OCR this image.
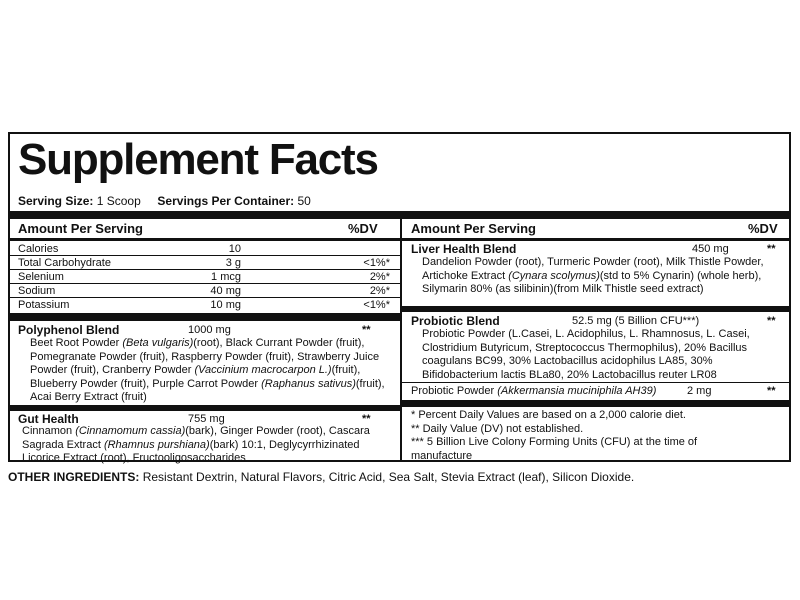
Supplement Facts
Serving Size: 1 Scoop Servings Per Container: 50
Amount Per Serving	%DV
Calories	10
Total Carbohydrate	3 g	<1%*
Selenium	1 mcg	2%*
Sodium	40 mg	2%*
Potassium	10 mg	<1%*
Polyphenol Blend	1000 mg	**
Beet Root Powder (Beta vulgaris)(root), Black Currant Powder (fruit), Pomegranate Powder (fruit), Raspberry Powder (fruit), Strawberry Juice Powder (fruit), Cranberry Powder (Vaccinium macrocarpon L.)(fruit), Blueberry Powder (fruit), Purple Carrot Powder (Raphanus sativus)(fruit), Acai Berry Extract (fruit)
Gut Health	755 mg	**
Cinnamon (Cinnamomum cassia)(bark), Ginger Powder (root), Cascara Sagrada Extract (Rhamnus purshiana)(bark) 10:1, Deglycyrrhizinated Licorice Extract (root), Fructooligosaccharides
Amount Per Serving	%DV
Liver Health Blend	450 mg	**
Dandelion Powder (root), Turmeric Powder (root), Milk Thistle Powder, Artichoke Extract (Cynara scolymus)(std to 5% Cynarin) (whole herb), Silymarin 80% (as silibinin)(from Milk Thistle seed extract)
Probiotic Blend	52.5 mg (5 Billion CFU***)	**
Probiotic Powder (L.Casei, L. Acidophilus, L. Rhamnosus, L. Casei, Clostridium Butyricum, Streptococcus Thermophilus), 20% Bacillus coagulans BC99, 30% Lactobacillus acidophilus LA85, 30% Bifidobacterium lactis BLa80, 20% Lactobacillus reuter LR08
Probiotic Powder (Akkermansia muciniphila AH39)	2 mg	**
* Percent Daily Values are based on a 2,000 calorie diet.
** Daily Value (DV) not established.
*** 5 Billion Live Colony Forming Units (CFU) at the time of manufacture
OTHER INGREDIENTS: Resistant Dextrin, Natural Flavors, Citric Acid, Sea Salt, Stevia Extract (leaf), Silicon Dioxide.
